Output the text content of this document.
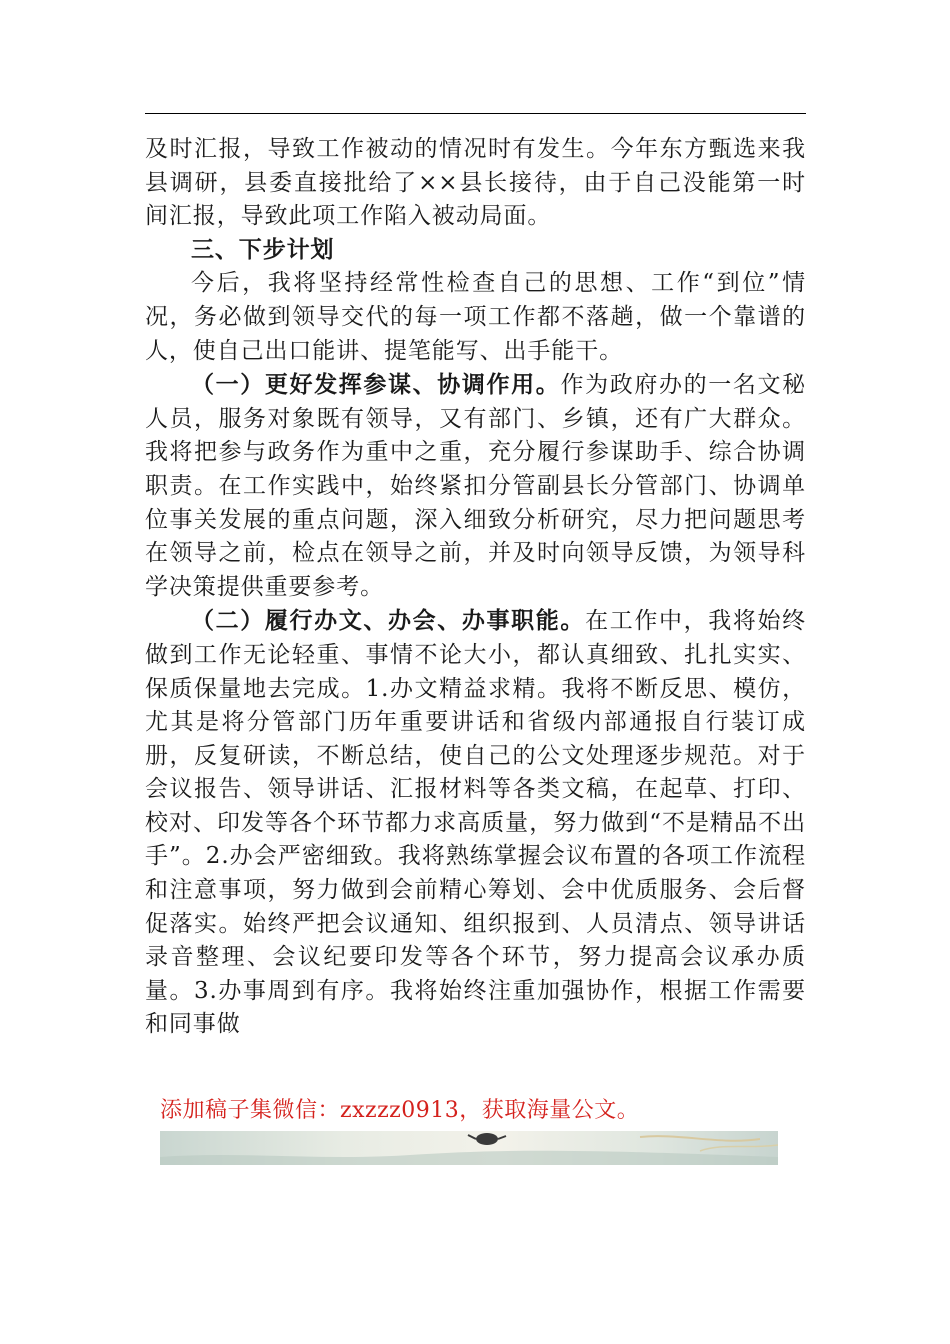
及时汇报，导致工作被动的情况时有发生。今年东方甄选来我县调研，县委直接批给了××县长接待，由于自己没能第一时间汇报，导致此项工作陷入被动局面。

三、下步计划

今后，我将坚持经常性检查自己的思想、工作“到位”情况，务必做到领导交代的每一项工作都不落趟，做一个靠谱的人，使自己出口能讲、提笔能写、出手能干。

（一）更好发挥参谋、协调作用。作为政府办的一名文秘人员，服务对象既有领导，又有部门、乡镇，还有广大群众。我将把参与政务作为重中之重，充分履行参谋助手、综合协调职责。在工作实践中，始终紧扣分管副县长分管部门、协调单位事关发展的重点问题，深入细致分析研究，尽力把问题思考在领导之前，检点在领导之前，并及时向领导反馈，为领导科学决策提供重要参考。

（二）履行办文、办会、办事职能。在工作中，我将始终做到工作无论轻重、事情不论大小，都认真细致、扎扎实实、保质保量地去完成。1.办文精益求精。我将不断反思、模仿，尤其是将分管部门历年重要讲话和省级内部通报自行装订成册，反复研读，不断总结，使自己的公文处理逐步规范。对于会议报告、领导讲话、汇报材料等各类文稿，在起草、打印、校对、印发等各个环节都力求高质量，努力做到“不是精品不出手”。2.办会严密细致。我将熟练掌握会议布置的各项工作流程和注意事项，努力做到会前精心筹划、会中优质服务、会后督促落实。始终严把会议通知、组织报到、人员清点、领导讲话录音整理、会议纪要印发等各个环节，努力提高会议承办质量。3.办事周到有序。我将始终注重加强协作，根据工作需要和同事做

添加稿子集微信：zxzzz0913，获取海量公文。
